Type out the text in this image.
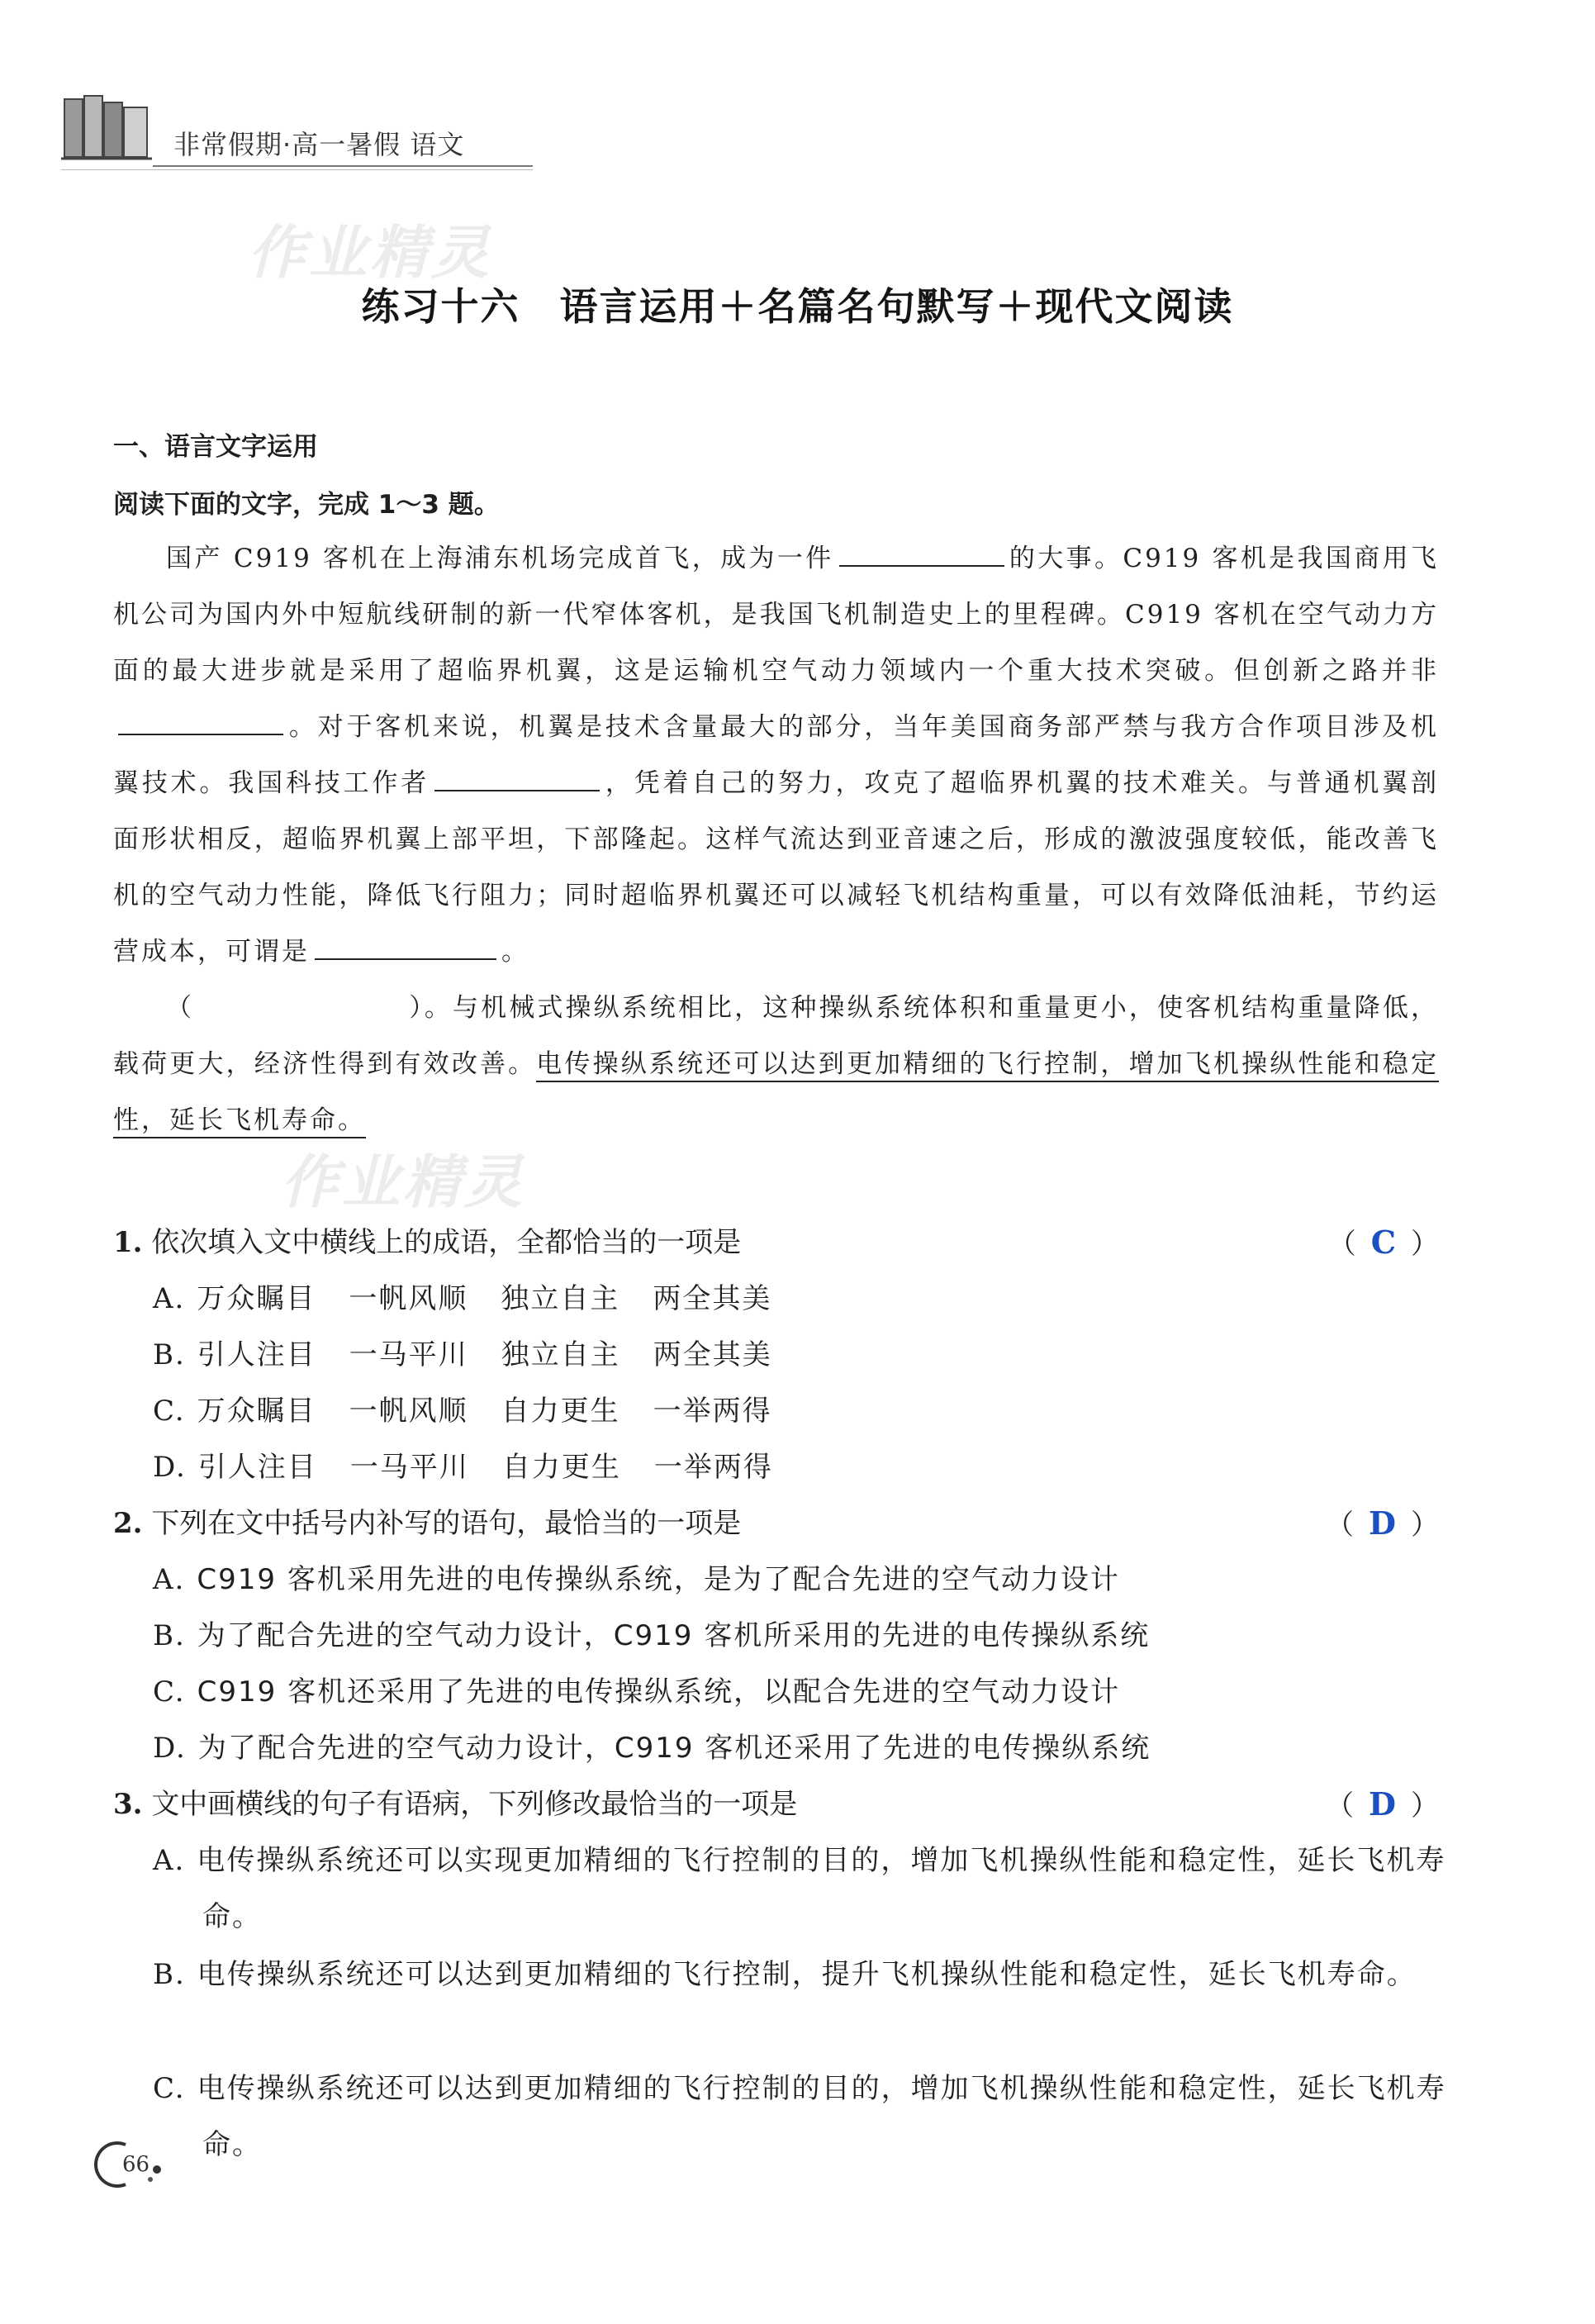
非常假期·高一暑假 语文
作业精灵
作业精灵
练习十六　语言运用＋名篇名句默写＋现代文阅读
一、语言文字运用
阅读下面的文字，完成 1～3 题。

国产 C919 客机在上海浦东机场完成首飞，成为一件	的大事。C919 客机是我国商用飞机公司为国内外中短航线研制的新一代窄体客机，是我国飞机制造史上的里程碑。C919 客机在空气动力方面的最大进步就是采用了超临界机翼，这是运输机空气动力领域内一个重大技术突破。但创新之路并非。对于客机来说，机翼是技术含量最大的部分，当年美国商务部严禁与我方合作项目涉及机翼技术。我国科技工作者	，凭着自己的努力，攻克了超临界机翼的技术难关。与普通机翼剖面形状相反，超临界机翼上部平坦，下部隆起。这样气流达到亚音速之后，形成的激波强度较低，能改善飞机的空气动力性能，降低飞行阻力；同时超临界机翼还可以减轻飞机结构重量，可以有效降低油耗，节约运营成本，可谓是	。

（	）。与机械式操纵系统相比，这种操纵系统体积和重量更小，使客机结构重量降低，载荷更大，经济性得到有效改善。电传操纵系统还可以达到更加精细的飞行控制，增加飞机操纵性能和稳定性，延长飞机寿命。

1. 依次填入文中横线上的成语，全都恰当的一项是	（ C ）
A. 万众瞩目 一帆风顺 独立自主 两全其美
B. 引人注目 一马平川 独立自主 两全其美
C. 万众瞩目 一帆风顺 自力更生 一举两得
D. 引人注目 一马平川 自力更生 一举两得
2. 下列在文中括号内补写的语句，最恰当的一项是	（ D ）
A. C919 客机采用先进的电传操纵系统，是为了配合先进的空气动力设计
B. 为了配合先进的空气动力设计，C919 客机所采用的先进的电传操纵系统
C. C919 客机还采用了先进的电传操纵系统，以配合先进的空气动力设计
D. 为了配合先进的空气动力设计，C919 客机还采用了先进的电传操纵系统
3. 文中画横线的句子有语病，下列修改最恰当的一项是	（ D ）
A. 电传操纵系统还可以实现更加精细的飞行控制的目的，增加飞机操纵性能和稳定性，延长飞机寿命。
B. 电传操纵系统还可以达到更加精细的飞行控制，提升飞机操纵性能和稳定性，延长飞机寿命。
C. 电传操纵系统还可以达到更加精细的飞行控制的目的，增加飞机操纵性能和稳定性，延长飞机寿命。
66
